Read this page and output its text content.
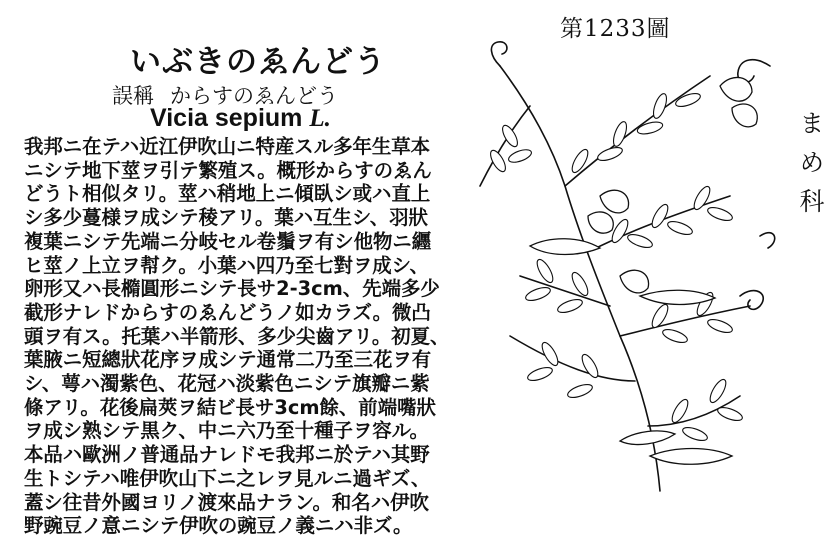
第1233圖
いぶきのゑんどう
誤稱 からすのゑんどう
Vicia sepium L.
我邦ニ在テハ近江伊吹山ニ特産スル多年生草本
ニシテ地下莖ヲ引テ繁殖ス。概形からすのゑん
どうト相似タリ。莖ハ稍地上ニ傾臥シ或ハ直上
シ多少蔓様ヲ成シテ稜アリ。葉ハ互生シ、羽狀
複葉ニシテ先端ニ分岐セル卷鬚ヲ有シ他物ニ纒
ヒ莖ノ上立ヲ幇ク。小葉ハ四乃至七對ヲ成シ、
卵形又ハ長橢圓形ニシテ長サ2-3cm、先端多少
截形ナレドからすのゑんどうノ如カラズ。微凸
頭ヲ有ス。托葉ハ半箭形、多少尖齒アリ。初夏、
葉腋ニ短總狀花序ヲ成シテ通常二乃至三花ヲ有
シ、萼ハ濁紫色、花冠ハ淡紫色ニシテ旗瓣ニ紫
條アリ。花後扁莢ヲ結ビ長サ3cm餘、前端嘴狀
ヲ成シ熟シテ黒ク、中ニ六乃至十種子ヲ容ル。
本品ハ歐洲ノ普通品ナレドモ我邦ニ於テハ其野
生トシテハ唯伊吹山下ニ之レヲ見ルニ過ギズ、
蓋シ往昔外國ヨリノ渡來品ナラン。和名ハ伊吹
野豌豆ノ意ニシテ伊吹の豌豆ノ義ニハ非ズ。
まめ科
